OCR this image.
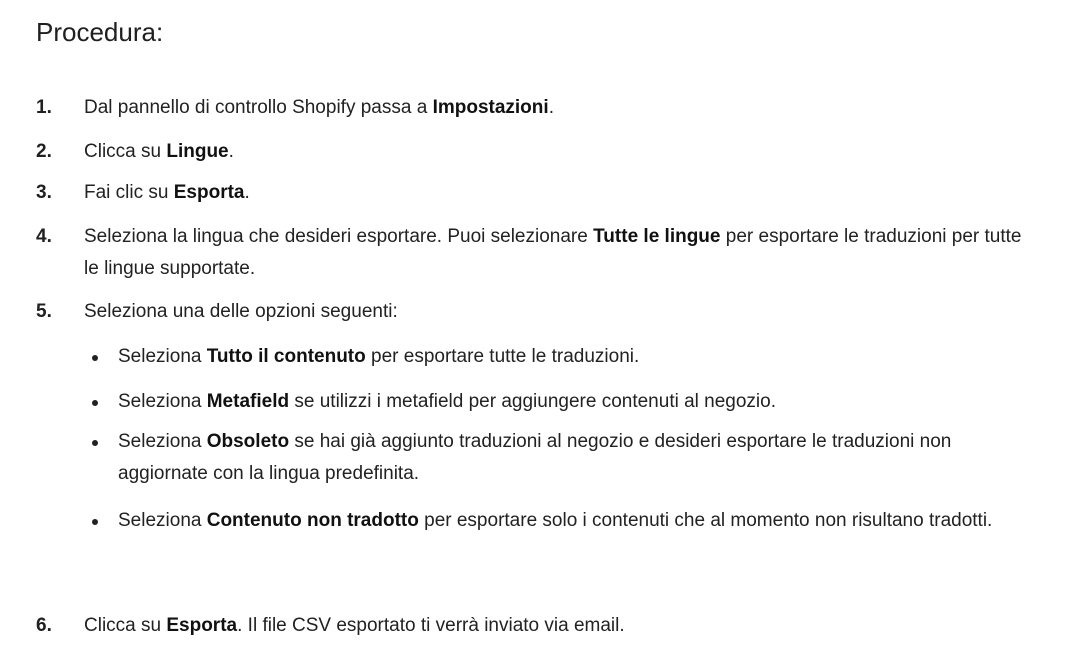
Procedura:
1. Dal pannello di controllo Shopify passa a Impostazioni.
2. Clicca su Lingue.
3. Fai clic su Esporta.
4. Seleziona la lingua che desideri esportare. Puoi selezionare Tutte le lingue per esportare le traduzioni per tutte le lingue supportate.
5. Seleziona una delle opzioni seguenti:
Seleziona Tutto il contenuto per esportare tutte le traduzioni.
Seleziona Metafield se utilizzi i metafield per aggiungere contenuti al negozio.
Seleziona Obsoleto se hai già aggiunto traduzioni al negozio e desideri esportare le traduzioni non aggiornate con la lingua predefinita.
Seleziona Contenuto non tradotto per esportare solo i contenuti che al momento non risultano tradotti.
6. Clicca su Esporta. Il file CSV esportato ti verrà inviato via email.
